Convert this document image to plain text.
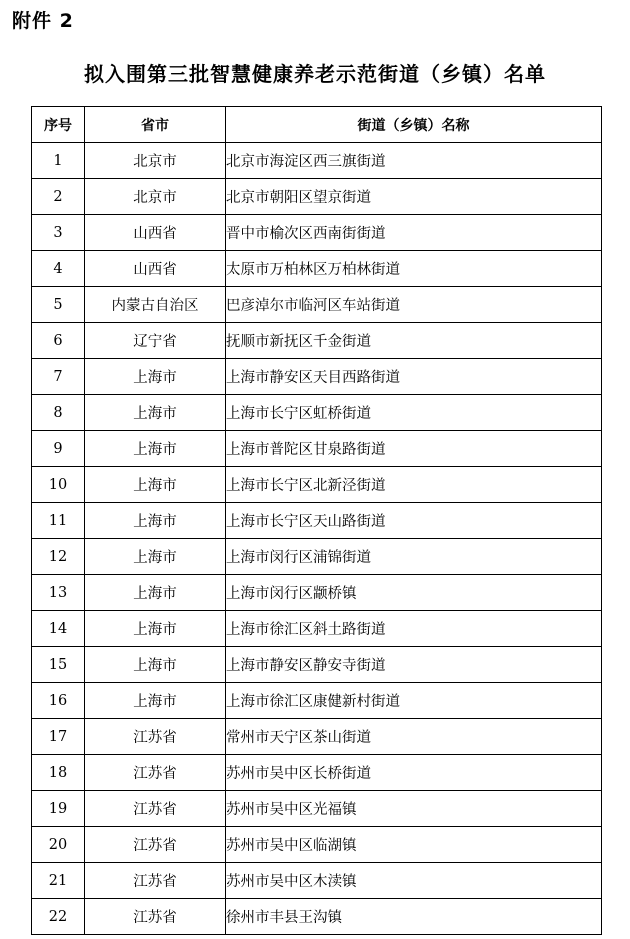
附件 2
拟入围第三批智慧健康养老示范街道（乡镇）名单
序号	省市	街道（乡镇）名称
1	北京市	北京市海淀区西三旗街道
2	北京市	北京市朝阳区望京街道
3	山西省	晋中市榆次区西南街街道
4	山西省	太原市万柏林区万柏林街道
5	内蒙古自治区	巴彦淖尔市临河区车站街道
6	辽宁省	抚顺市新抚区千金街道
7	上海市	上海市静安区天目西路街道
8	上海市	上海市长宁区虹桥街道
9	上海市	上海市普陀区甘泉路街道
10	上海市	上海市长宁区北新泾街道
11	上海市	上海市长宁区天山路街道
12	上海市	上海市闵行区浦锦街道
13	上海市	上海市闵行区颛桥镇
14	上海市	上海市徐汇区斜土路街道
15	上海市	上海市静安区静安寺街道
16	上海市	上海市徐汇区康健新村街道
17	江苏省	常州市天宁区茶山街道
18	江苏省	苏州市吴中区长桥街道
19	江苏省	苏州市吴中区光福镇
20	江苏省	苏州市吴中区临湖镇
21	江苏省	苏州市吴中区木渎镇
22	江苏省	徐州市丰县王沟镇
